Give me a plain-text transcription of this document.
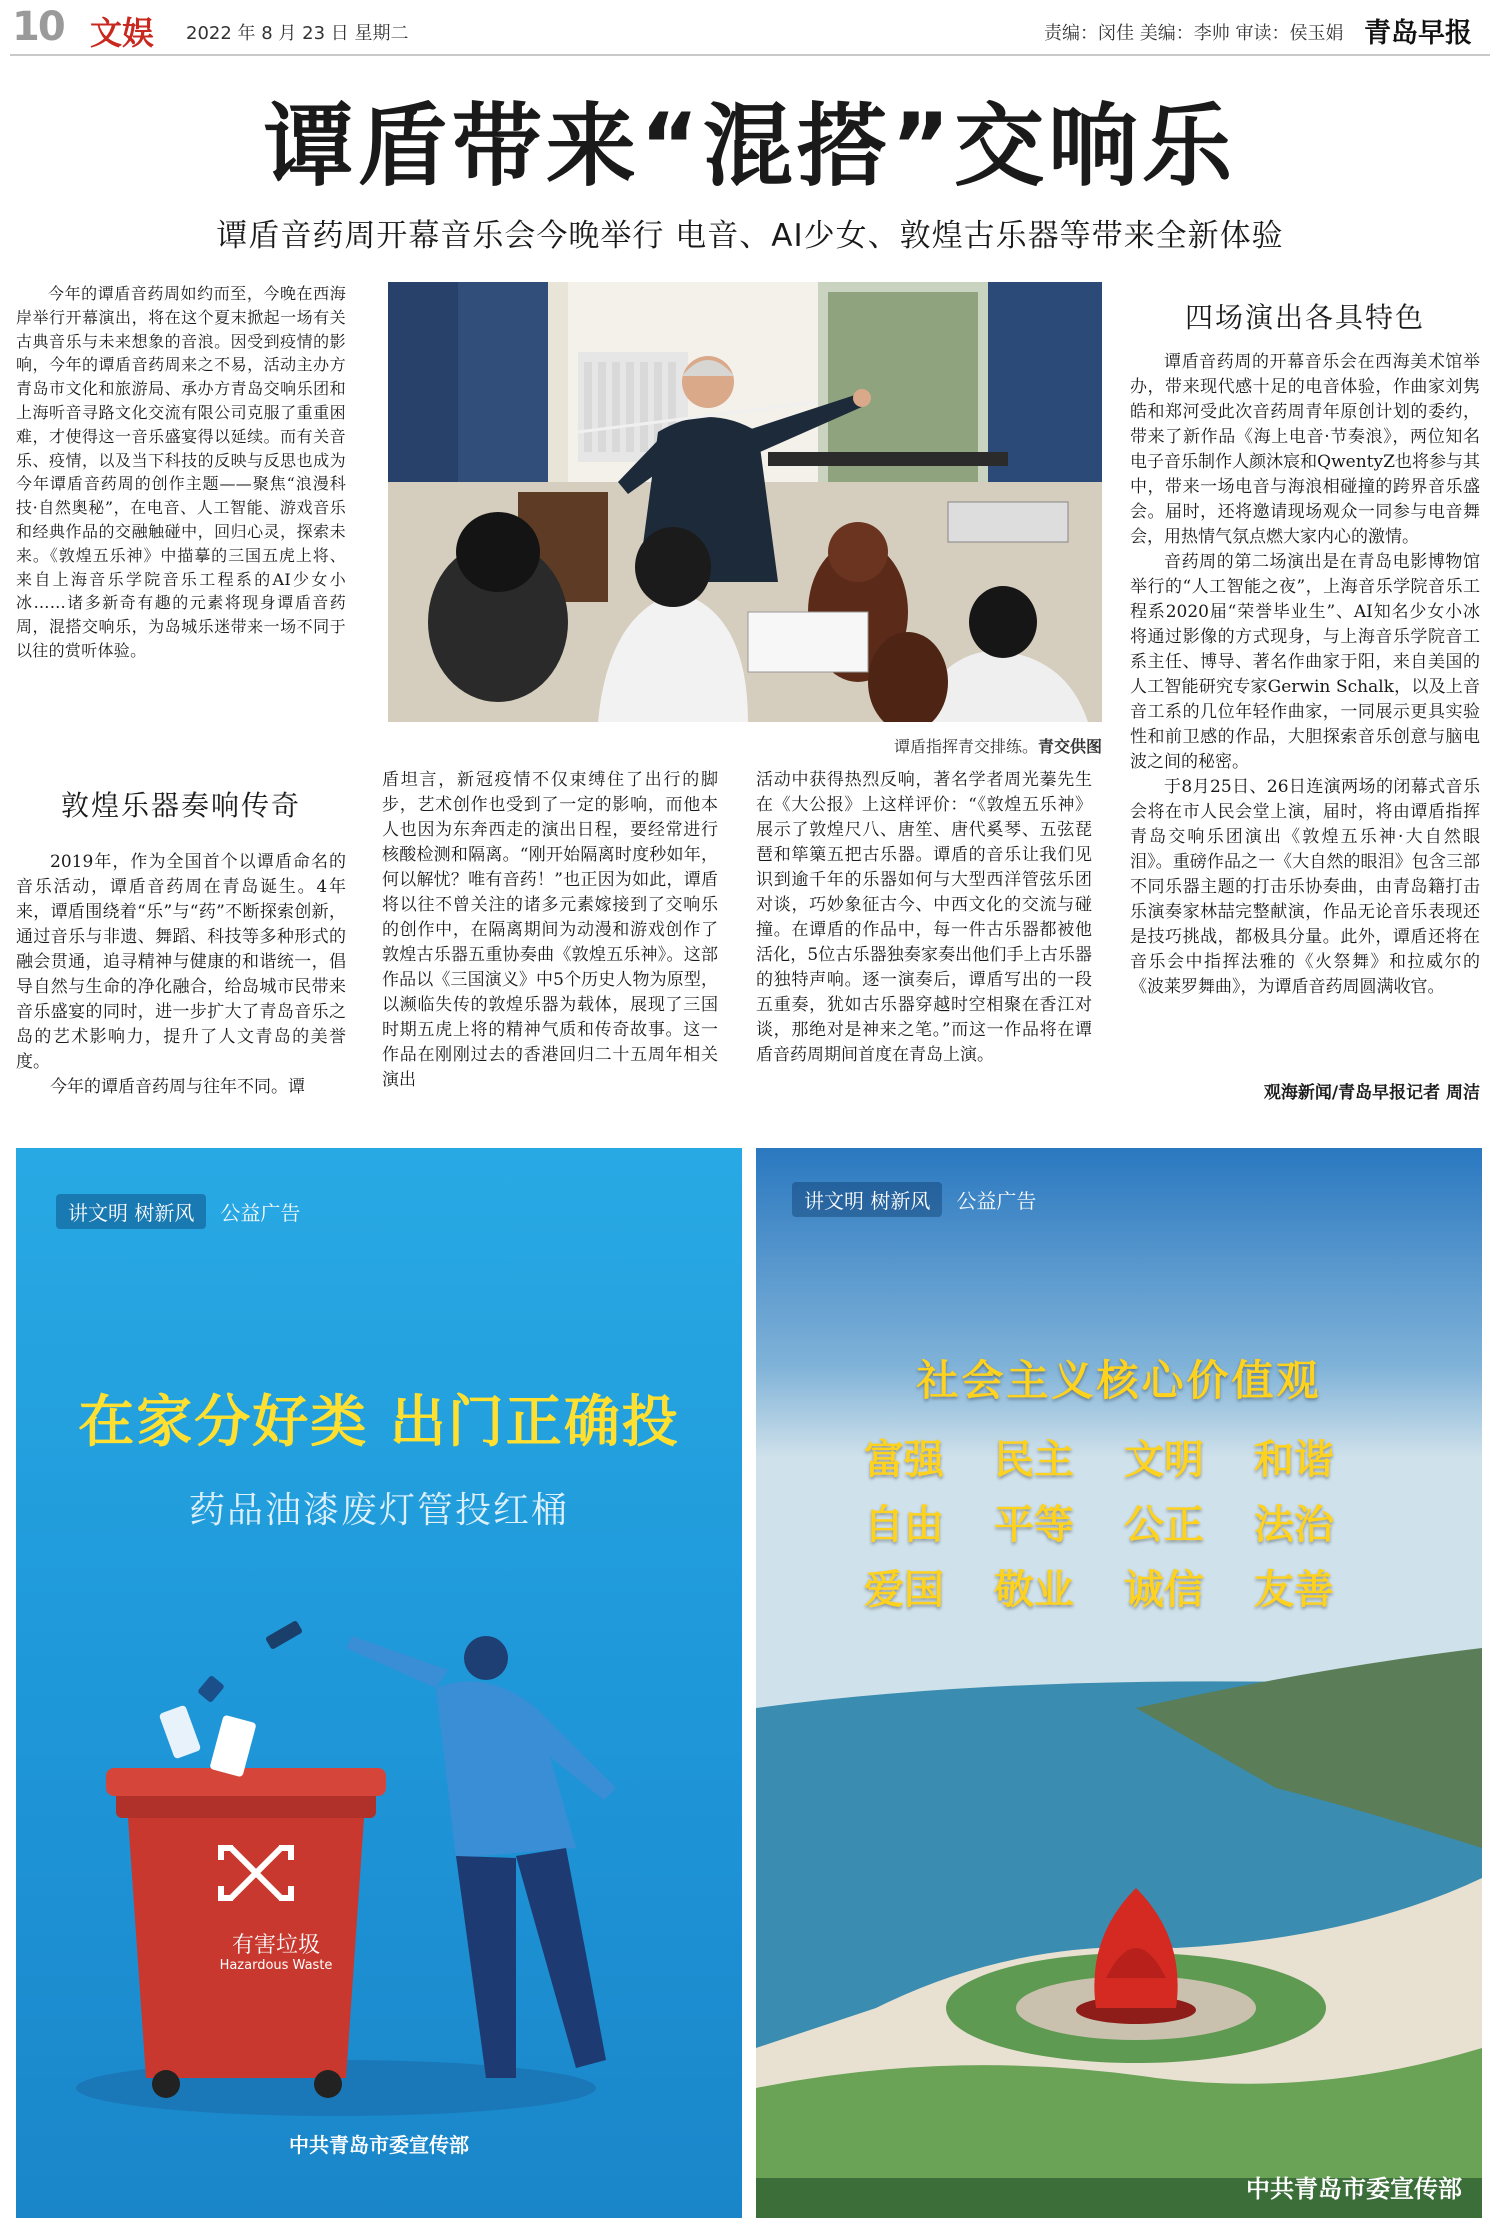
10 文娱 2022 年 8 月 23 日 星期二	责编：闵佳 美编：李帅 审读：侯玉娟 青岛早报
谭盾带来“混搭”交响乐
谭盾音药周开幕音乐会今晚举行 电音、AI少女、敦煌古乐器等带来全新体验

今年的谭盾音药周如约而至，今晚在西海岸举行开幕演出，将在这个夏末掀起一场有关古典音乐与未来想象的音浪。因受到疫情的影响，今年的谭盾音药周来之不易，活动主办方青岛市文化和旅游局、承办方青岛交响乐团和上海听音寻路文化交流有限公司克服了重重困难，才使得这一音乐盛宴得以延续。而有关音乐、疫情，以及当下科技的反映与反思也成为今年谭盾音药周的创作主题——聚焦“浪漫科技·自然奥秘”，在电音、人工智能、游戏音乐和经典作品的交融触碰中，回归心灵，探索未来。《敦煌五乐神》中描摹的三国五虎上将、来自上海音乐学院音乐工程系的AI少女小冰……诸多新奇有趣的元素将现身谭盾音药周，混搭交响乐，为岛城乐迷带来一场不同于以往的赏听体验。

谭盾指挥青交排练。青交供图
敦煌乐器奏响传奇

2019年，作为全国首个以谭盾命名的音乐活动，谭盾音药周在青岛诞生。4年来，谭盾围绕着“乐”与“药”不断探索创新，通过音乐与非遗、舞蹈、科技等多种形式的融会贯通，追寻精神与健康的和谐统一，倡导自然与生命的净化融合，给岛城市民带来音乐盛宴的同时，进一步扩大了青岛音乐之岛的艺术影响力，提升了人文青岛的美誉度。

今年的谭盾音药周与往年不同。谭

盾坦言，新冠疫情不仅束缚住了出行的脚步，艺术创作也受到了一定的影响，而他本人也因为东奔西走的演出日程，要经常进行核酸检测和隔离。“刚开始隔离时度秒如年，何以解忧？唯有音药！”也正因为如此，谭盾将以往不曾关注的诸多元素嫁接到了交响乐的创作中，在隔离期间为动漫和游戏创作了敦煌古乐器五重协奏曲《敦煌五乐神》。这部作品以《三国演义》中5个历史人物为原型，以濒临失传的敦煌乐器为载体，展现了三国时期五虎上将的精神气质和传奇故事。这一作品在刚刚过去的香港回归二十五周年相关演出

活动中获得热烈反响，著名学者周光蓁先生在《大公报》上这样评价：“《敦煌五乐神》展示了敦煌尺八、唐笙、唐代奚琴、五弦琵琶和筚篥五把古乐器。谭盾的音乐让我们见识到逾千年的乐器如何与大型西洋管弦乐团对谈，巧妙象征古今、中西文化的交流与碰撞。在谭盾的作品中，每一件古乐器都被他活化，5位古乐器独奏家奏出他们手上古乐器的独特声响。逐一演奏后，谭盾写出的一段五重奏，犹如古乐器穿越时空相聚在香江对谈，那绝对是神来之笔。”而这一作品将在谭盾音药周期间首度在青岛上演。

四场演出各具特色

谭盾音药周的开幕音乐会在西海美术馆举办，带来现代感十足的电音体验，作曲家刘隽皓和郑河受此次音药周青年原创计划的委约，带来了新作品《海上电音·节奏浪》，两位知名电子音乐制作人颜沐宸和QwentyZ也将参与其中，带来一场电音与海浪相碰撞的跨界音乐盛会。届时，还将邀请现场观众一同参与电音舞会，用热情气氛点燃大家内心的激情。

音药周的第二场演出是在青岛电影博物馆举行的“人工智能之夜”，上海音乐学院音乐工程系2020届“荣誉毕业生”、AI知名少女小冰将通过影像的方式现身，与上海音乐学院音工系主任、博导、著名作曲家于阳，来自美国的人工智能研究专家Gerwin Schalk，以及上音音工系的几位年轻作曲家，一同展示更具实验性和前卫感的作品，大胆探索音乐创意与脑电波之间的秘密。

于8月25日、26日连演两场的闭幕式音乐会将在市人民会堂上演，届时，将由谭盾指挥青岛交响乐团演出《敦煌五乐神·大自然眼泪》。重磅作品之一《大自然的眼泪》包含三部不同乐器主题的打击乐协奏曲，由青岛籍打击乐演奏家林喆完整献演，作品无论音乐表现还是技巧挑战，都极具分量。此外，谭盾还将在音乐会中指挥法雅的《火祭舞》和拉威尔的《波莱罗舞曲》，为谭盾音药周圆满收官。

观海新闻/青岛早报记者 周洁
讲文明 树新风	公益广告
在家分好类 出门正确投
药品油漆废灯管投红桶
有害垃圾
Hazardous Waste
中共青岛市委宣传部
讲文明 树新风	公益广告
社会主义核心价值观
富强	民主	文明	和谐
自由	平等	公正	法治
爱国	敬业	诚信	友善
中共青岛市委宣传部
